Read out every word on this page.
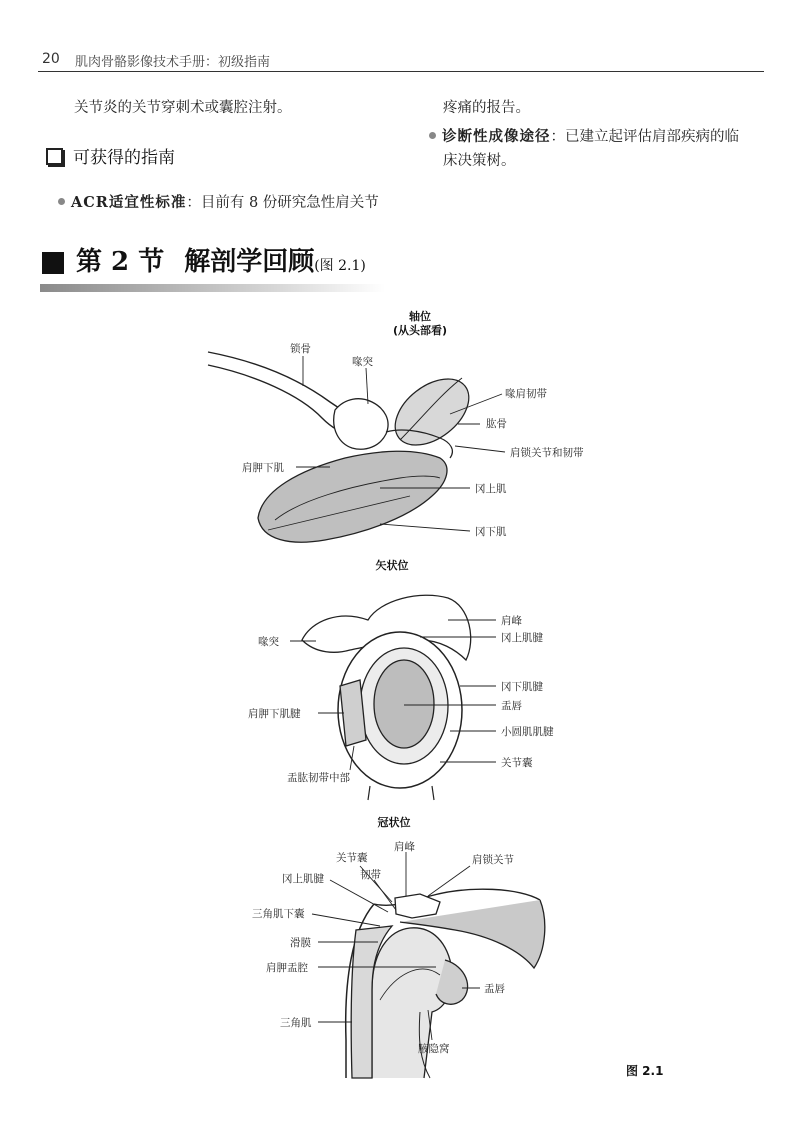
20 肌肉骨骼影像技术手册：初级指南
关节炎的关节穿刺术或囊腔注射。
可获得的指南
ACR适宜性标准：目前有 8 份研究急性肩关节
疼痛的报告。
诊断性成像途径：已建立起评估肩部疾病的临
床决策树。
第 2 节 解剖学回顾(图 2.1)
轴位
(从头部看)
锁骨
喙突
喙肩韧带
肱骨
肩锁关节和韧带
肩胛下肌
冈上肌
冈下肌
矢状位
肩峰
冈上肌腱
喙突
冈下肌腱
盂唇
肩胛下肌腱
小圆肌肌腱
关节囊
盂肱韧带中部
冠状位
关节囊
肩峰
肩锁关节
韧带
冈上肌腱
三角肌下囊
滑膜
肩胛盂腔
盂唇
三角肌
腋隐窝
图 2.1
